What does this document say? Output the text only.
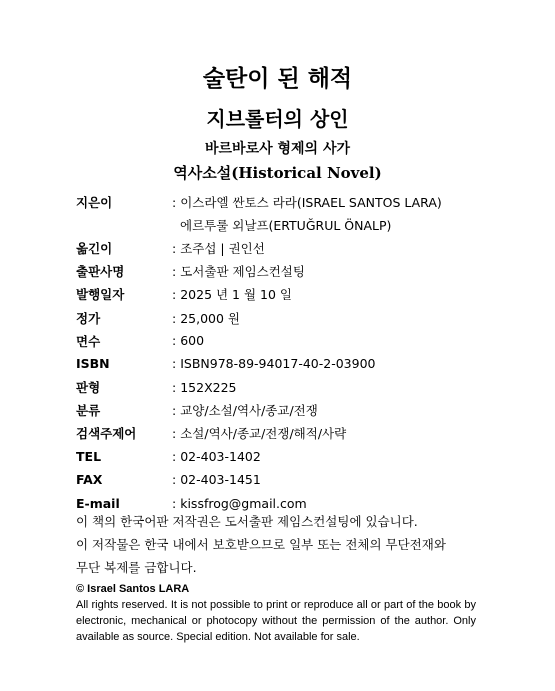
술탄이 된 해적
지브롤터의 상인
바르바로사 형제의 사가
역사소설(Historical Novel)
지은이	: 이스라엘 싼토스 라라(ISRAEL SANTOS LARA)
에르투룰 외날프(ERTUĞRUL ÖNALP)
옮긴이	: 조주섭 | 권인선
출판사명	: 도서출판 제임스컨설팅
발행일자	: 2025 년 1 월 10 일
정가	: 25,000 원
면수	: 600
ISBN	: ISBN978-89-94017-40-2-03900
판형	: 152X225
분류	: 교양/소설/역사/종교/전쟁
검색주제어	: 소설/역사/종교/전쟁/해적/사략
TEL	: 02-403-1402
FAX	: 02-403-1451
E-mail	: kissfrog@gmail.com

이 책의 한국어판 저작권은 도서출판 제임스컨설팅에 있습니다.

이 저작물은 한국 내에서 보호받으므로 일부 또는 전체의 무단전재와

무단 복제를 금합니다.

© Israel Santos LARA
All rights reserved. It is not possible to print or reproduce all or part of the book by electronic, mechanical or photocopy without the permission of the author. Only available as source. Special edition. Not available for sale.
